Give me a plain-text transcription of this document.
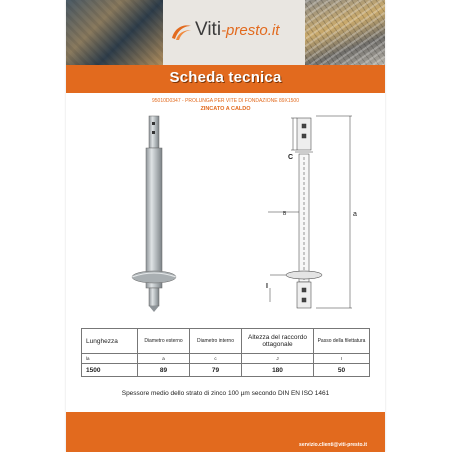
Viti-presto.it
Scheda tecnica
95010D0347 - PROLUNGA PER VITE DI FONDAZIONE 89X1500
ZINCATO A CALDO
C
B	a
I
Lunghezza	Diametro esterno	Diametro interno	Altezza del raccordo ottagonale	Passo della filettatura
la	a	c	J	I
1500	89	79	180	50
Spessore medio dello strato di zinco 100 µm secondo DIN EN ISO 1461
servizio.clienti@viti-presto.it
